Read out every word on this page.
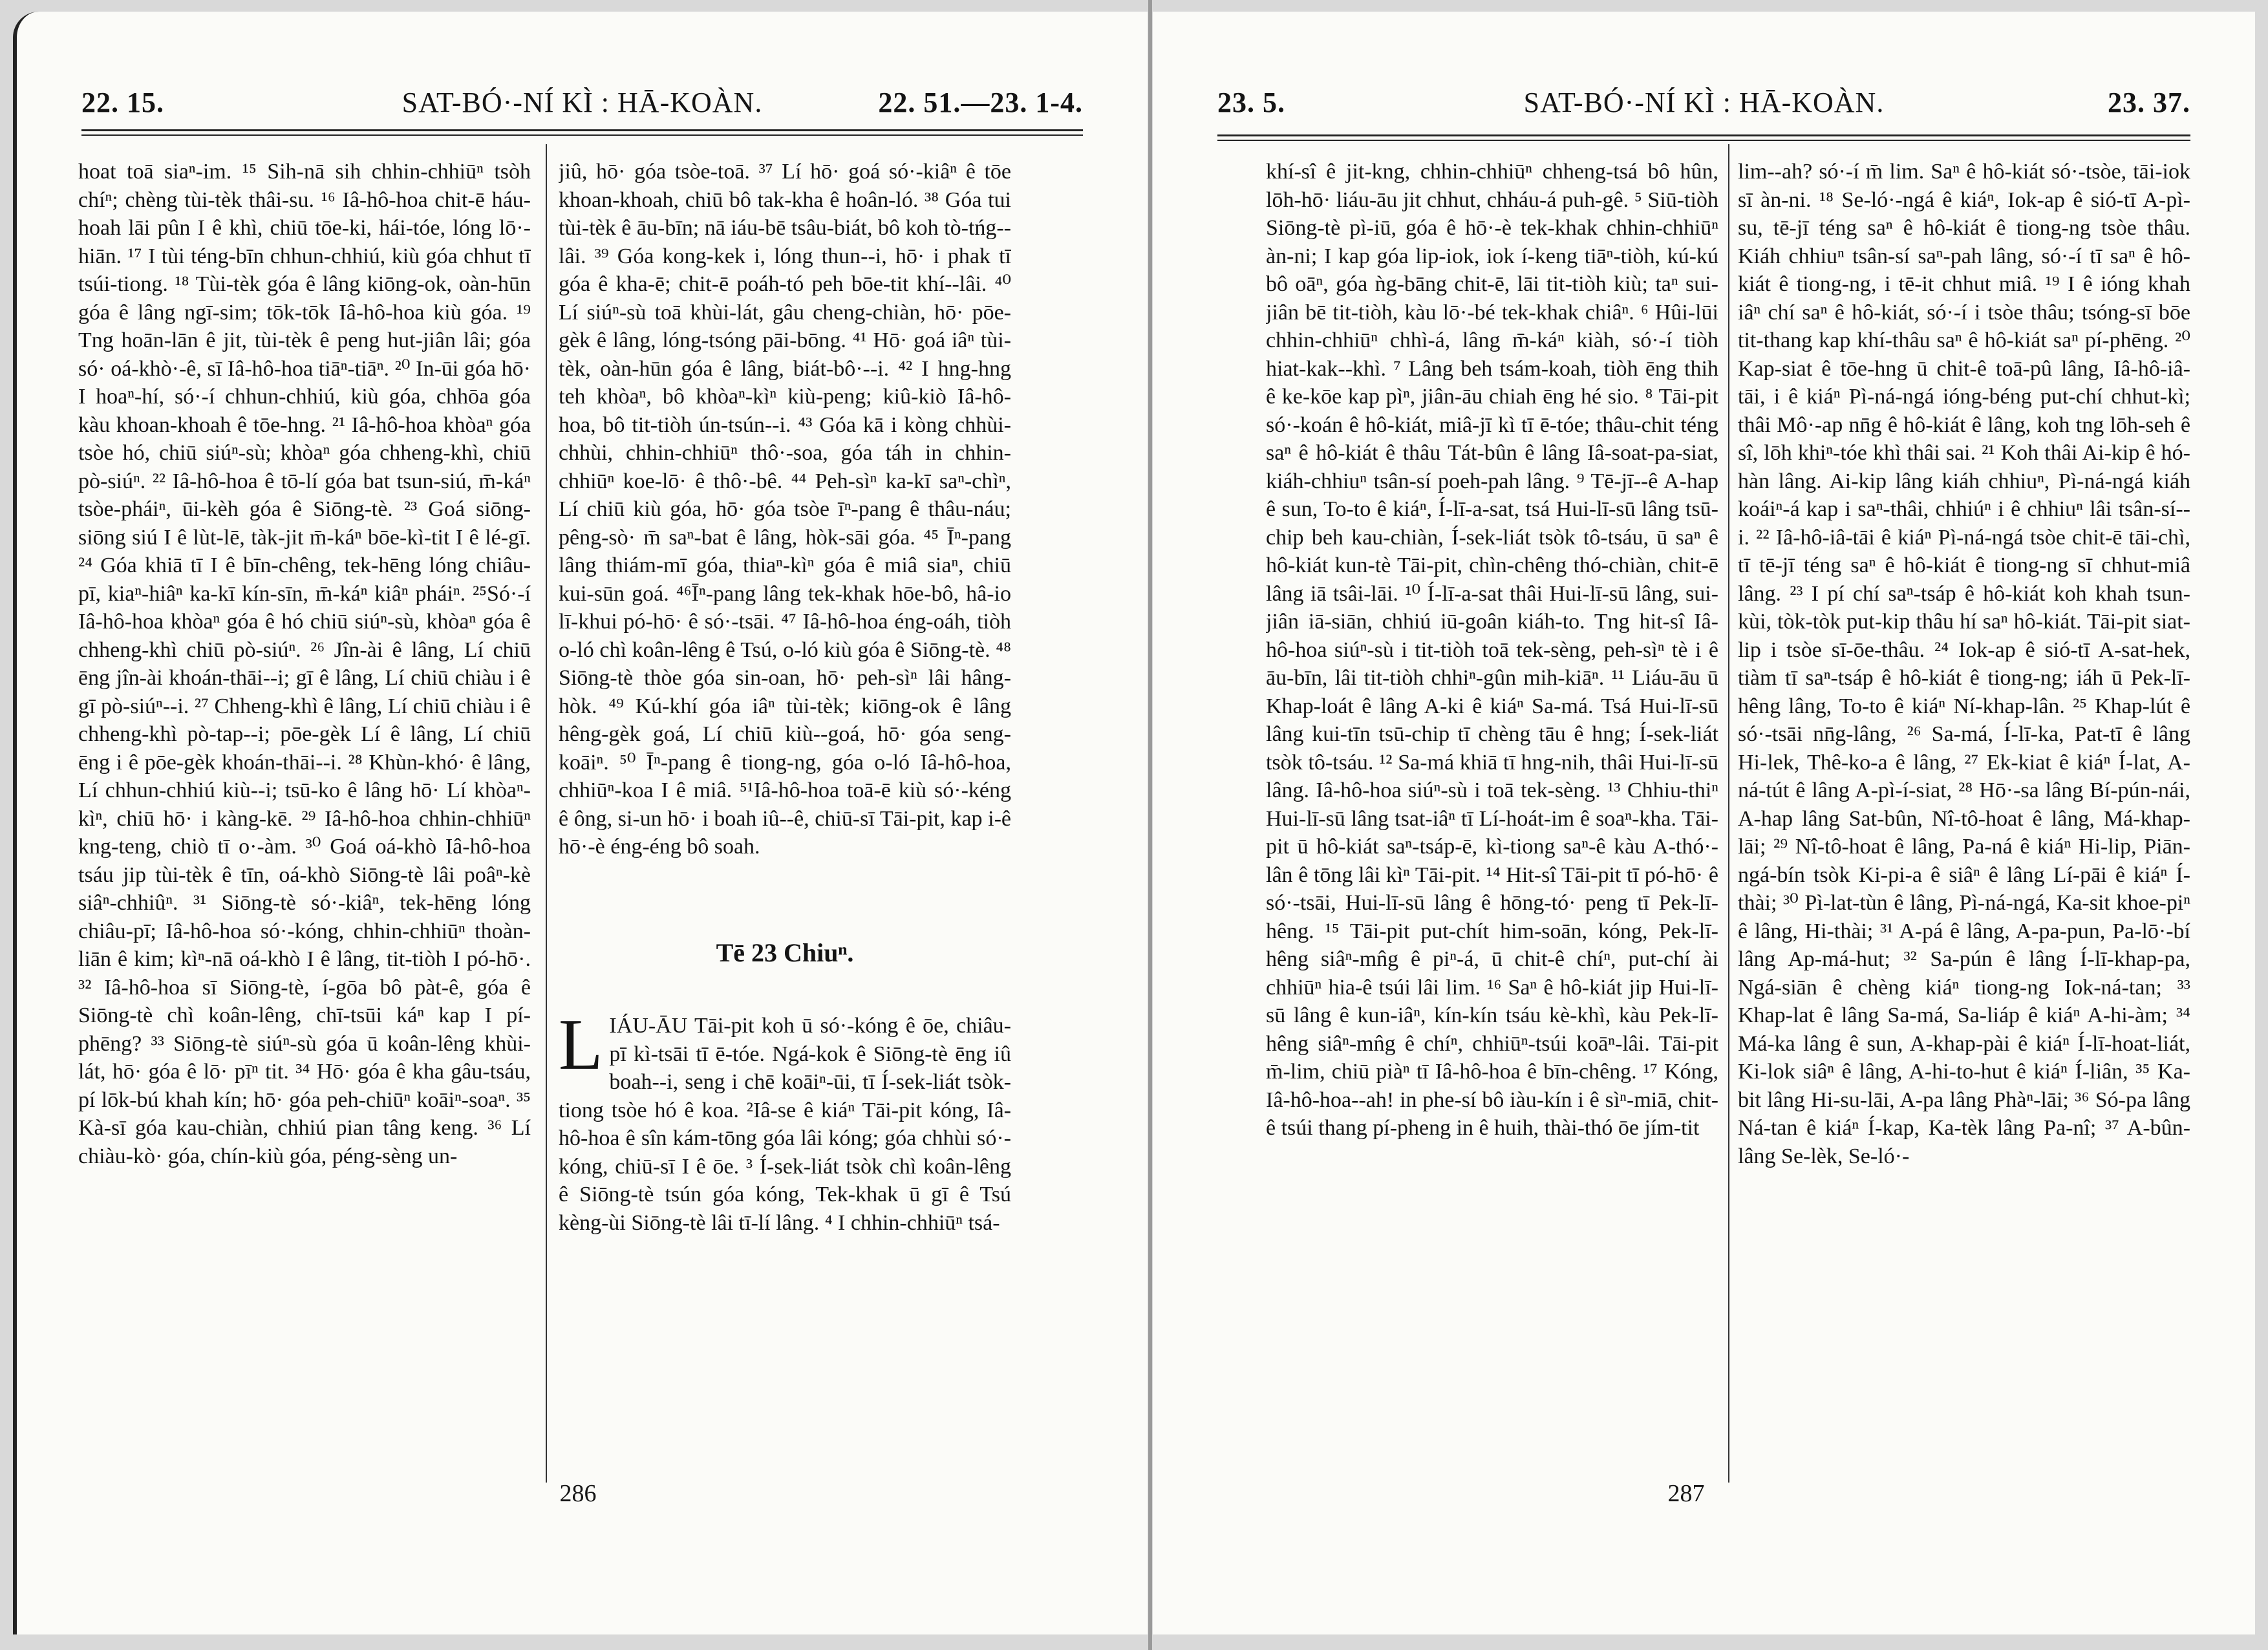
22. 15.	SAT-BÓ·-NÍ KÌ : HĀ-KOÀN.	22. 51.—23. 1-4.

hoat toā siaⁿ-im. ¹⁵ Sih-nā sih chhin-chhiūⁿ tsòh chíⁿ; chèng tùi-tèk thâi-su. ¹⁶ Iâ-hô-hoa chit-ē háu-hoah lāi pûn I ê khì, chiū tōe-ki, hái-tóe, lóng lō·-hiān. ¹⁷ I tùi téng-bīn chhun-chhiú, kiù góa chhut tī tsúi-tiong. ¹⁸ Tùi-tèk góa ê lâng kiōng-ok, oàn-hūn góa ê lâng ngī-sim; tōk-tōk Iâ-hô-hoa kiù góa. ¹⁹ Tng hoān-lān ê jit, tùi-tèk ê peng hut-jiân lâi; góa só· oá-khò·-ê, sī Iâ-hô-hoa tiāⁿ-tiāⁿ. ²⁰ In-ūi góa hō· I hoaⁿ-hí, só·-í chhun-chhiú, kiù góa, chhōa góa kàu khoan-khoah ê tōe-hng. ²¹ Iâ-hô-hoa khòaⁿ góa tsòe hó, chiū siúⁿ-sù; khòaⁿ góa chheng-khì, chiū pò-siúⁿ. ²² Iâ-hô-hoa ê tō-lí góa bat tsun-siú, m̄-káⁿ tsòe-pháiⁿ, ūi-kèh góa ê Siōng-tè. ²³ Goá siōng-siōng siú I ê lùt-lē, tàk-jit m̄-káⁿ bōe-kì-tit I ê lé-gī. ²⁴ Góa khiā tī I ê bīn-chêng, tek-hēng lóng chiâu-pī, kiaⁿ-hiâⁿ ka-kī kín-sīn, m̄-káⁿ kiâⁿ pháiⁿ. ²⁵Só·-í Iâ-hô-hoa khòaⁿ góa ê hó chiū siúⁿ-sù, khòaⁿ góa ê chheng-khì chiū pò-siúⁿ. ²⁶ Jîn-ài ê lâng, Lí chiū ēng jîn-ài khoán-thāi--i; gī ê lâng, Lí chiū chiàu i ê gī pò-siúⁿ--i. ²⁷ Chheng-khì ê lâng, Lí chiū chiàu i ê chheng-khì pò-tap--i; pōe-gèk Lí ê lâng, Lí chiū ēng i ê pōe-gèk khoán-thāi--i. ²⁸ Khùn-khó· ê lâng, Lí chhun-chhiú kiù--i; tsū-ko ê lâng hō· Lí khòaⁿ-kìⁿ, chiū hō· i kàng-kē. ²⁹ Iâ-hô-hoa chhin-chhiūⁿ kng-teng, chiò tī o·-àm. ³⁰ Goá oá-khò Iâ-hô-hoa tsáu jip tùi-tèk ê tīn, oá-khò Siōng-tè lâi poâⁿ-kè siâⁿ-chhiûⁿ. ³¹ Siōng-tè só·-kiâⁿ, tek-hēng lóng chiâu-pī; Iâ-hô-hoa só·-kóng, chhin-chhiūⁿ thoàn-liān ê kim; kìⁿ-nā oá-khò I ê lâng, tit-tiòh I pó-hō·. ³² Iâ-hô-hoa sī Siōng-tè, í-gōa bô pàt-ê, góa ê Siōng-tè chì koân-lêng, chī-tsūi káⁿ kap I pí-phēng? ³³ Siōng-tè siúⁿ-sù góa ū koân-lêng khùi-lát, hō· góa ê lō· pīⁿ tit. ³⁴ Hō· góa ê kha gâu-tsáu, pí lōk-bú khah kín; hō· góa peh-chiūⁿ koāiⁿ-soaⁿ. ³⁵ Kà-sī góa kau-chiàn, chhiú pian tâng keng. ³⁶ Lí chiàu-kò· góa, chín-kiù góa, péng-sèng un-

jiû, hō· góa tsòe-toā. ³⁷ Lí hō· goá só·-kiâⁿ ê tōe khoan-khoah, chiū bô tak-kha ê hoân-ló. ³⁸ Góa tui tùi-tèk ê āu-bīn; nā iáu-bē tsâu-biát, bô koh tò-tńg--lâi. ³⁹ Góa kong-kek i, lóng thun--i, hō· i phak tī góa ê kha-ē; chit-ē poáh-tó peh bōe-tit khí--lâi. ⁴⁰ Lí siúⁿ-sù toā khùi-lát, gâu cheng-chiàn, hō· pōe-gèk ê lâng, lóng-tsóng pāi-bōng. ⁴¹ Hō· goá iâⁿ tùi-tèk, oàn-hūn góa ê lâng, biát-bô·--i. ⁴² I hng-hng teh khòaⁿ, bô khòaⁿ-kìⁿ kiù-peng; kiû-kiò Iâ-hô-hoa, bô tit-tiòh ún-tsún--i. ⁴³ Góa kā i kòng chhùi-chhùi, chhin-chhiūⁿ thô·-soa, góa táh in chhin-chhiūⁿ koe-lō· ê thô·-bê. ⁴⁴ Peh-sìⁿ ka-kī saⁿ-chìⁿ, Lí chiū kiù góa, hō· góa tsòe īⁿ-pang ê thâu-náu; pêng-sò· m̄ saⁿ-bat ê lâng, hòk-sāi góa. ⁴⁵ Īⁿ-pang lâng thiám-mī góa, thiaⁿ-kìⁿ góa ê miâ siaⁿ, chiū kui-sūn goá. ⁴⁶Īⁿ-pang lâng tek-khak hōe-bô, hâ-io lī-khui pó-hō· ê só·-tsāi. ⁴⁷ Iâ-hô-hoa éng-oáh, tiòh o-ló chì koân-lêng ê Tsú, o-ló kiù góa ê Siōng-tè. ⁴⁸ Siōng-tè thòe góa sin-oan, hō· peh-sìⁿ lâi hâng-hòk. ⁴⁹ Kú-khí góa iâⁿ tùi-tèk; kiōng-ok ê lâng hêng-gèk goá, Lí chiū kiù--goá, hō· góa seng-koāiⁿ. ⁵⁰ Īⁿ-pang ê tiong-ng, góa o-ló Iâ-hô-hoa, chhiūⁿ-koa I ê miâ. ⁵¹Iâ-hô-hoa toā-ē kiù só·-kéng ê ông, si-un hō· i boah iû--ê, chiū-sī Tāi-pit, kap i-ê hō·-è éng-éng bô soah.

Tē 23 Chiuⁿ.

LIÁU-ĀU Tāi-pit koh ū só·-kóng ê ōe, chiâu-pī kì-tsāi tī ē-tóe. Ngá-kok ê Siōng-tè ēng iû boah--i, seng i chē koāiⁿ-ūi, tī Í-sek-liát tsòk-tiong tsòe hó ê koa. ²Iâ-se ê kiáⁿ Tāi-pit kóng, Iâ-hô-hoa ê sîn kám-tōng góa lâi kóng; góa chhùi só·-kóng, chiū-sī I ê ōe. ³ Í-sek-liát tsòk chì koân-lêng ê Siōng-tè tsún góa kóng, Tek-khak ū gī ê Tsú kèng-ùi Siōng-tè lâi tī-lí lâng. ⁴ I chhin-chhiūⁿ tsá-

286
23. 5.	SAT-BÓ·-NÍ KÌ : HĀ-KOÀN.	23. 37.

khí-sî ê jit-kng, chhin-chhiūⁿ chheng-tsá bô hûn, lōh-hō· liáu-āu jit chhut, chháu-á puh-gê. ⁵ Siū-tiòh Siōng-tè pì-iū, góa ê hō·-è tek-khak chhin-chhiūⁿ àn-ni; I kap góa lip-iok, iok í-keng tiāⁿ-tiòh, kú-kú bô oāⁿ, góa ǹg-bāng chit-ē, lāi tit-tiòh kiù; taⁿ sui-jiân bē tit-tiòh, kàu lō·-bé tek-khak chiâⁿ. ⁶ Hûi-lūi chhin-chhiūⁿ chhì-á, lâng m̄-káⁿ kiàh, só·-í tiòh hiat-kak--khì. ⁷ Lâng beh tsám-koah, tiòh ēng thih ê ke-kōe kap pìⁿ, jiân-āu chiah ēng hé sio. ⁸ Tāi-pit só·-koán ê hô-kiát, miâ-jī kì tī ē-tóe; thâu-chit téng saⁿ ê hô-kiát ê thâu Tát-bûn ê lâng Iâ-soat-pa-siat, kiáh-chhiuⁿ tsân-sí poeh-pah lâng. ⁹ Tē-jī--ê A-hap ê sun, To-to ê kiáⁿ, Í-lī-a-sat, tsá Hui-lī-sū lâng tsū-chip beh kau-chiàn, Í-sek-liát tsòk tô-tsáu, ū saⁿ ê hô-kiát kun-tè Tāi-pit, chìn-chêng thó-chiàn, chit-ē lâng iā tsâi-lāi. ¹⁰ Í-lī-a-sat thâi Hui-lī-sū lâng, sui-jiân iā-siān, chhiú iū-goân kiáh-to. Tng hit-sî Iâ-hô-hoa siúⁿ-sù i tit-tiòh toā tek-sèng, peh-sìⁿ tè i ê āu-bīn, lâi tit-tiòh chhiⁿ-gûn mih-kiāⁿ. ¹¹ Liáu-āu ū Khap-loát ê lâng A-ki ê kiáⁿ Sa-má. Tsá Hui-lī-sū lâng kui-tīn tsū-chip tī chèng tāu ê hng; Í-sek-liát tsòk tô-tsáu. ¹² Sa-má khiā tī hng-nih, thâi Hui-lī-sū lâng. Iâ-hô-hoa siúⁿ-sù i toā tek-sèng. ¹³ Chhiu-thiⁿ Hui-lī-sū lâng tsat-iâⁿ tī Lí-hoát-im ê soaⁿ-kha. Tāi-pit ū hô-kiát saⁿ-tsáp-ē, kì-tiong saⁿ-ê kàu A-thó·-lân ê tōng lâi kìⁿ Tāi-pit. ¹⁴ Hit-sî Tāi-pit tī pó-hō· ê só·-tsāi, Hui-lī-sū lâng ê hōng-tó· peng tī Pek-lī-hêng. ¹⁵ Tāi-pit put-chít him-soān, kóng, Pek-lī-hêng siâⁿ-mn̂g ê piⁿ-á, ū chit-ê chíⁿ, put-chí ài chhiūⁿ hia-ê tsúi lâi lim. ¹⁶ Saⁿ ê hô-kiát jip Hui-lī-sū lâng ê kun-iâⁿ, kín-kín tsáu kè-khì, kàu Pek-lī-hêng siâⁿ-mn̂g ê chíⁿ, chhiūⁿ-tsúi koāⁿ-lâi. Tāi-pit m̄-lim, chiū piàⁿ tī Iâ-hô-hoa ê bīn-chêng. ¹⁷ Kóng, Iâ-hô-hoa--ah! in phe-sí bô iàu-kín i ê sìⁿ-miā, chit-ê tsúi thang pí-pheng in ê huih, thài-thó ōe jím-tit

lim--ah? só·-í m̄ lim. Saⁿ ê hô-kiát só·-tsòe, tāi-iok sī àn-ni. ¹⁸ Se-ló·-ngá ê kiáⁿ, Iok-ap ê sió-tī A-pì-su, tē-jī téng saⁿ ê hô-kiát ê tiong-ng tsòe thâu. Kiáh chhiuⁿ tsân-sí saⁿ-pah lâng, só·-í tī saⁿ ê hô-kiát ê tiong-ng, i tē-it chhut miâ. ¹⁹ I ê ióng khah iâⁿ chí saⁿ ê hô-kiát, só·-í i tsòe thâu; tsóng-sī bōe tit-thang kap khí-thâu saⁿ ê hô-kiát saⁿ pí-phēng. ²⁰ Kap-siat ê tōe-hng ū chit-ê toā-pû lâng, Iâ-hô-iâ-tāi, i ê kiáⁿ Pì-ná-ngá ióng-béng put-chí chhut-kì; thâi Mô·-ap nn̄g ê hô-kiát ê lâng, koh tng lōh-seh ê sî, lōh khiⁿ-tóe khì thâi sai. ²¹ Koh thâi Ai-kip ê hó-hàn lâng. Ai-kip lâng kiáh chhiuⁿ, Pì-ná-ngá kiáh koáiⁿ-á kap i saⁿ-thâi, chhiúⁿ i ê chhiuⁿ lâi tsân-sí--i. ²² Iâ-hô-iâ-tāi ê kiáⁿ Pì-ná-ngá tsòe chit-ē tāi-chì, tī tē-jī téng saⁿ ê hô-kiát ê tiong-ng sī chhut-miâ lâng. ²³ I pí chí saⁿ-tsáp ê hô-kiát koh khah tsun-kùi, tòk-tòk put-kip thâu hí saⁿ hô-kiát. Tāi-pit siat-lip i tsòe sī-ōe-thâu. ²⁴ Iok-ap ê sió-tī A-sat-hek, tiàm tī saⁿ-tsáp ê hô-kiát ê tiong-ng; iáh ū Pek-lī-hêng lâng, To-to ê kiáⁿ Ní-khap-lân. ²⁵ Khap-lút ê só·-tsāi nn̄g-lâng, ²⁶ Sa-má, Í-lī-ka, Pat-tī ê lâng Hi-lek, Thê-ko-a ê lâng, ²⁷ Ek-kiat ê kiáⁿ Í-lat, A-ná-tút ê lâng A-pì-í-siat, ²⁸ Hō·-sa lâng Bí-pún-nái, A-hap lâng Sat-bûn, Nî-tô-hoat ê lâng, Má-khap-lāi; ²⁹ Nî-tô-hoat ê lâng, Pa-ná ê kiáⁿ Hi-lip, Piān-ngá-bín tsòk Ki-pi-a ê siâⁿ ê lâng Lí-pāi ê kiáⁿ Í-thài; ³⁰ Pì-lat-tùn ê lâng, Pì-ná-ngá, Ka-sit khoe-piⁿ ê lâng, Hi-thài; ³¹ A-pá ê lâng, A-pa-pun, Pa-lō·-bí lâng Ap-má-hut; ³² Sa-pún ê lâng Í-lī-khap-pa, Ngá-siān ê chèng kiáⁿ tiong-ng Iok-ná-tan; ³³ Khap-lat ê lâng Sa-má, Sa-liáp ê kiáⁿ A-hi-àm; ³⁴ Má-ka lâng ê sun, A-khap-pài ê kiáⁿ Í-lī-hoat-liát, Ki-lok siâⁿ ê lâng, A-hi-to-hut ê kiáⁿ Í-liân, ³⁵ Ka-bit lâng Hi-su-lāi, A-pa lâng Phàⁿ-lāi; ³⁶ Só-pa lâng Ná-tan ê kiáⁿ Í-kap, Ka-tèk lâng Pa-nî; ³⁷ A-bûn-lâng Se-lèk, Se-ló·-

287
